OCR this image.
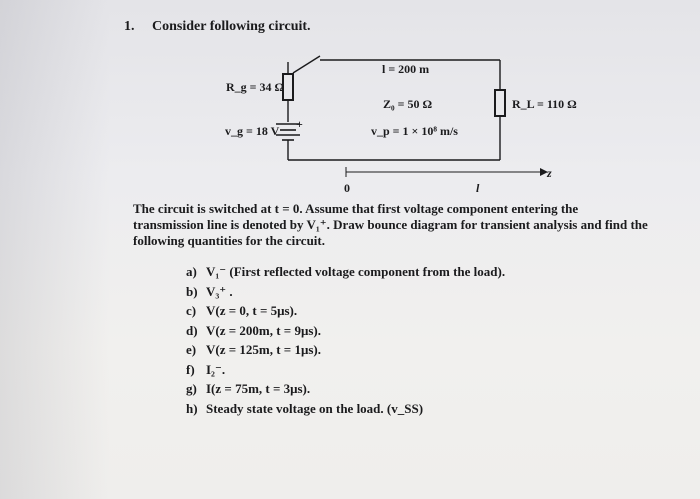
1. Consider following circuit.
l = 200 m
R_g = 34 Ω
Z₀ = 50 Ω	R_L = 110 Ω
+
v_g = 18 V	v_p = 1 × 10⁸ m/s
0	l
z
The circuit is switched at t = 0. Assume that first voltage component entering the
transmission line is denoted by V₁⁺. Draw bounce diagram for transient analysis and find the
following quantities for the circuit.
a) V₁⁻ (First reflected voltage component from the load).
b) V₃⁺ .
c) V(z = 0, t = 5μs).
d) V(z = 200m, t = 9μs).
e) V(z = 125m, t = 1μs).
f) I₂⁻.
g) I(z = 75m, t = 3μs).
h) Steady state voltage on the load. (v_SS)
